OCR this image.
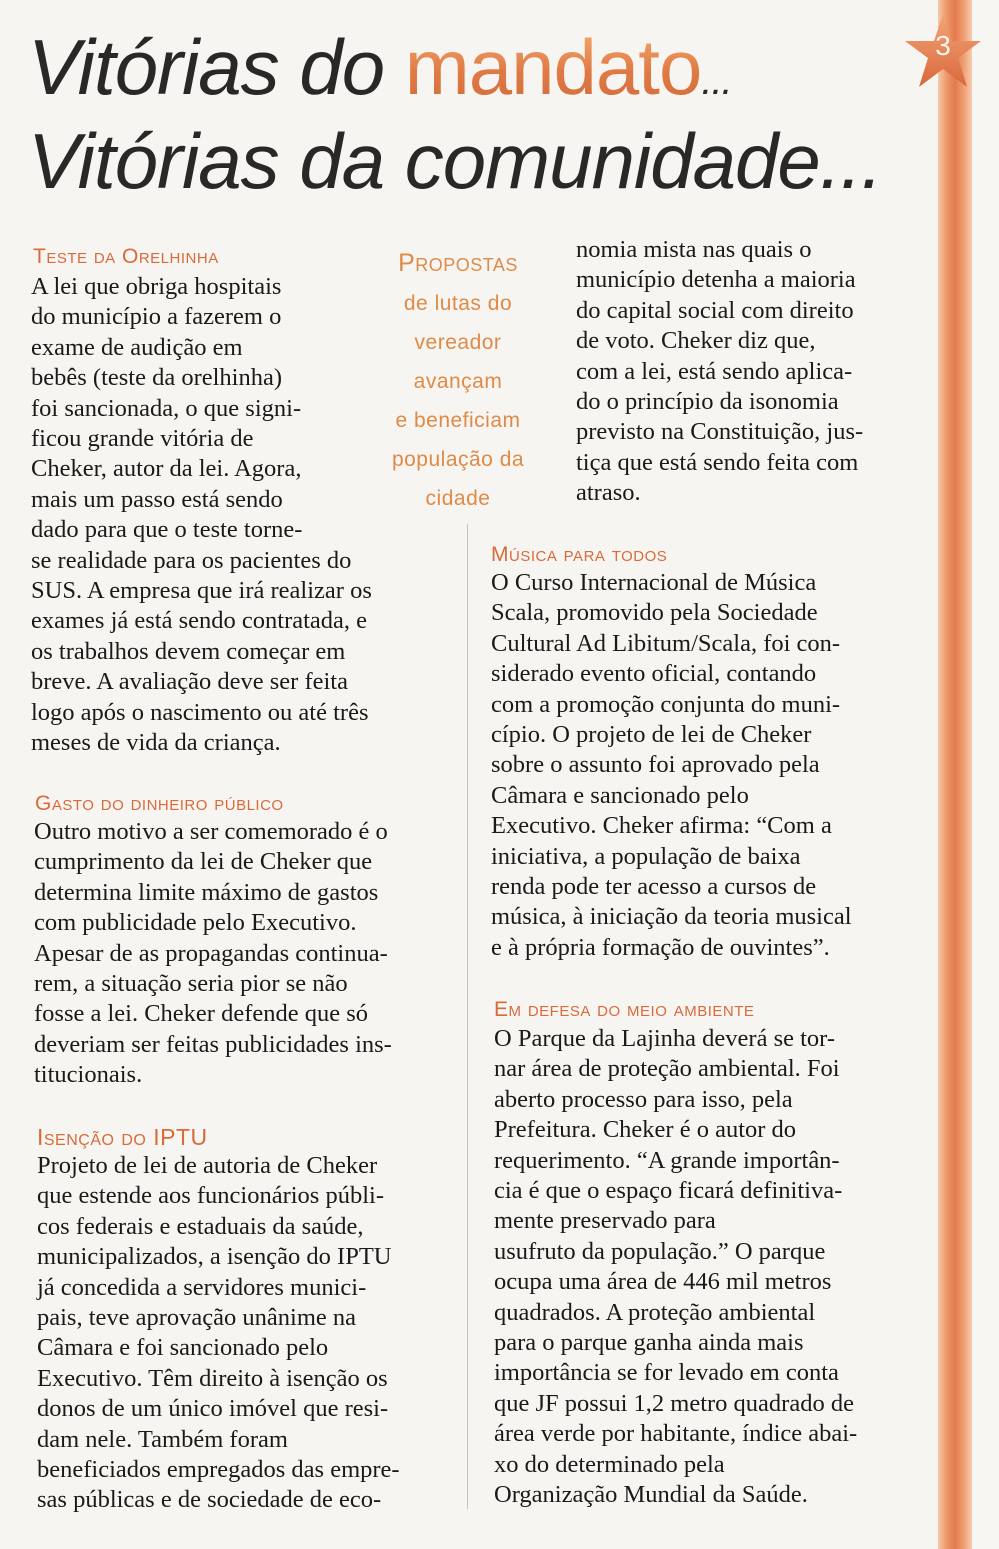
3
Vitórias do mandato...
Vitórias da comunidade...
Teste da Orelhinha
A lei que obriga hospitais
do município a fazerem o
exame de audição em
bebês (teste da orelhinha)
foi sancionada, o que signi-
ficou grande vitória de
Cheker, autor da lei. Agora,
mais um passo está sendo
dado para que o teste torne-
se realidade para os pacientes do
SUS. A empresa que irá realizar os
exames já está sendo contratada, e
os trabalhos devem começar em
breve. A avaliação deve ser feita
logo após o nascimento ou até três
meses de vida da criança.
Gasto do dinheiro público
Outro motivo a ser comemorado é o
cumprimento da lei de Cheker que
determina limite máximo de gastos
com publicidade pelo Executivo.
Apesar de as propagandas continua-
rem, a situação seria pior se não
fosse a lei. Cheker defende que só
deveriam ser feitas publicidades ins-
titucionais.
Isenção do IPTU
Projeto de lei de autoria de Cheker
que estende aos funcionários públi-
cos federais e estaduais da saúde,
municipalizados, a isenção do IPTU
já concedida a servidores munici-
pais, teve aprovação unânime na
Câmara e foi sancionado pelo
Executivo. Têm direito à isenção os
donos de um único imóvel que resi-
dam nele. Também foram
beneficiados empregados das empre-
sas públicas e de sociedade de eco-
Propostas
de lutas do
vereador
avançam
e beneficiam
população da
cidade
nomia mista nas quais o
município detenha a maioria
do capital social com direito
de voto. Cheker diz que,
com a lei, está sendo aplica-
do o princípio da isonomia
previsto na Constituição, jus-
tiça que está sendo feita com
atraso.
Música para todos
O Curso Internacional de Música
Scala, promovido pela Sociedade
Cultural Ad Libitum/Scala, foi con-
siderado evento oficial, contando
com a promoção conjunta do muni-
cípio. O projeto de lei de Cheker
sobre o assunto foi aprovado pela
Câmara e sancionado pelo
Executivo. Cheker afirma: “Com a
iniciativa, a população de baixa
renda pode ter acesso a cursos de
música, à iniciação da teoria musical
e à própria formação de ouvintes”.
Em defesa do meio ambiente
O Parque da Lajinha deverá se tor-
nar área de proteção ambiental. Foi
aberto processo para isso, pela
Prefeitura. Cheker é o autor do
requerimento. “A grande importân-
cia é que o espaço ficará definitiva-
mente preservado para
usufruto da população.” O parque
ocupa uma área de 446 mil metros
quadrados. A proteção ambiental
para o parque ganha ainda mais
importância se for levado em conta
que JF possui 1,2 metro quadrado de
área verde por habitante, índice abai-
xo do determinado pela
Organização Mundial da Saúde.
